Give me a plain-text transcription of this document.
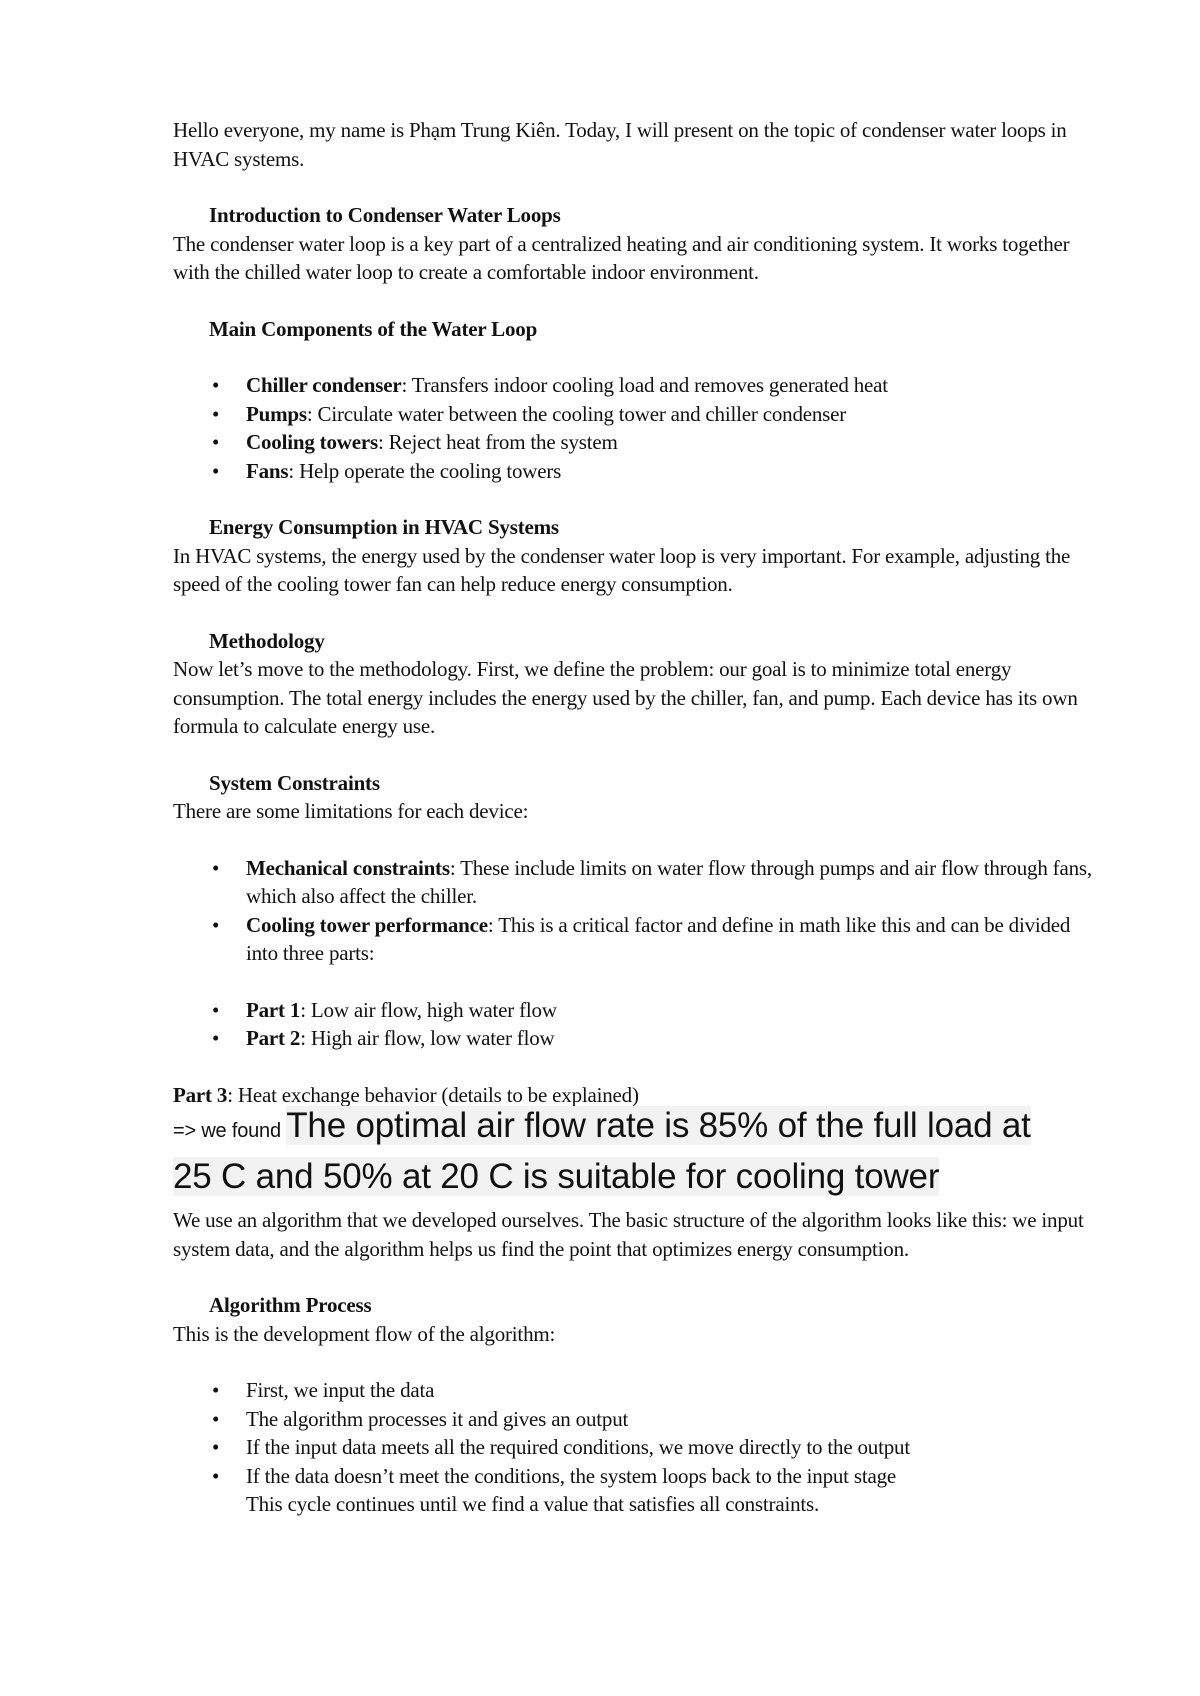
Hello everyone, my name is Phạm Trung Kiên. Today, I will present on the topic of condenser water loops in HVAC systems.

Introduction to Condenser Water Loops

The condenser water loop is a key part of a centralized heating and air conditioning system. It works together with the chilled water loop to create a comfortable indoor environment.

Main Components of the Water Loop

• Chiller condenser: Transfers indoor cooling load and removes generated heat
• Pumps: Circulate water between the cooling tower and chiller condenser
• Cooling towers: Reject heat from the system
• Fans: Help operate the cooling towers

Energy Consumption in HVAC Systems

In HVAC systems, the energy used by the condenser water loop is very important. For example, adjusting the speed of the cooling tower fan can help reduce energy consumption.

Methodology

Now let’s move to the methodology. First, we define the problem: our goal is to minimize total energy consumption. The total energy includes the energy used by the chiller, fan, and pump. Each device has its own formula to calculate energy use.

System Constraints

There are some limitations for each device:

• Mechanical constraints: These include limits on water flow through pumps and air flow through fans, which also affect the chiller.
• Cooling tower performance: This is a critical factor and define in math like this and can be divided into three parts:
• Part 1: Low air flow, high water flow
• Part 2: High air flow, low water flow

Part 3: Heat exchange behavior (details to be explained)

=> we found The optimal air flow rate is 85% of the full load at
25 C and 50% at 20 C is suitable for cooling tower

We use an algorithm that we developed ourselves. The basic structure of the algorithm looks like this: we input system data, and the algorithm helps us find the point that optimizes energy consumption.

Algorithm Process

This is the development flow of the algorithm:

• First, we input the data
• The algorithm processes it and gives an output
• If the input data meets all the required conditions, we move directly to the output
• If the data doesn’t meet the conditions, the system loops back to the input stage
This cycle continues until we find a value that satisfies all constraints.
